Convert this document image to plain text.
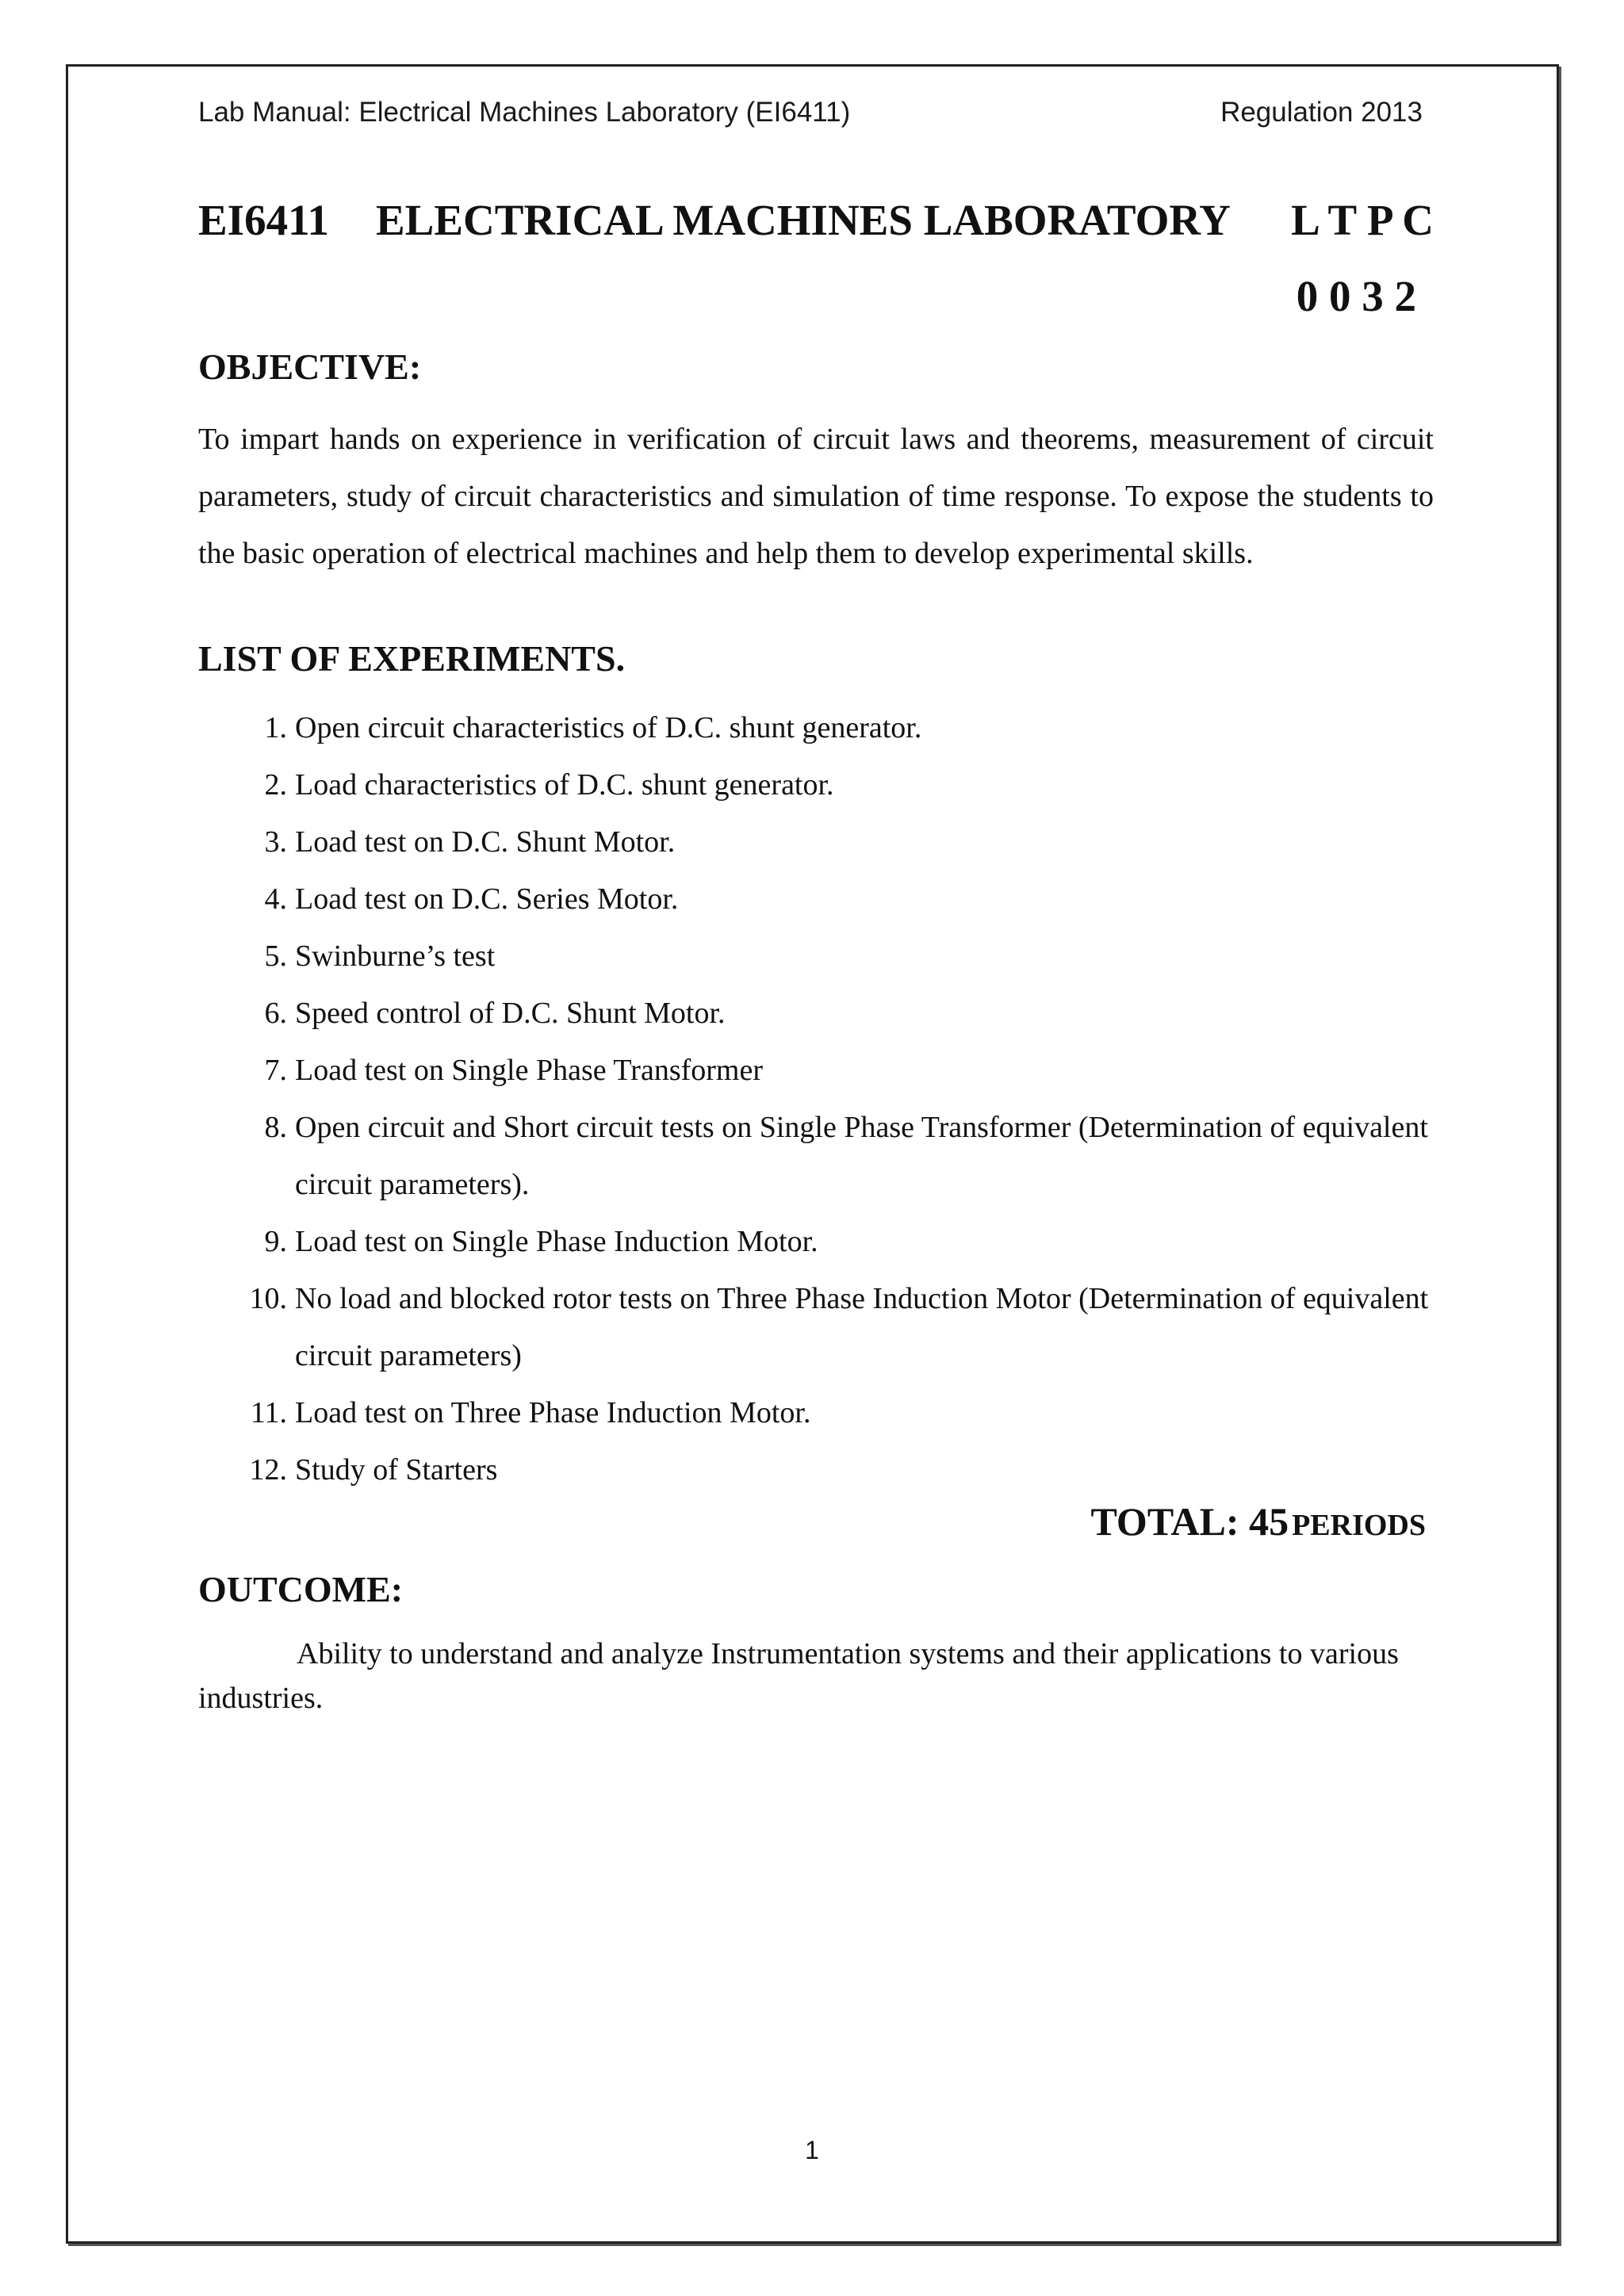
Lab Manual: Electrical Machines Laboratory (EI6411)	Regulation 2013
EI6411 ELECTRICAL MACHINES LABORATORY L T P C
0 0 3 2
OBJECTIVE:
To impart hands on experience in verification of circuit laws and theorems, measurement of circuit parameters, study of circuit characteristics and simulation of time response. To expose the students to the basic operation of electrical machines and help them to develop experimental skills.
LIST OF EXPERIMENTS.
1. Open circuit characteristics of D.C. shunt generator.
2. Load characteristics of D.C. shunt generator.
3. Load test on D.C. Shunt Motor.
4. Load test on D.C. Series Motor.
5. Swinburne’s test
6. Speed control of D.C. Shunt Motor.
7. Load test on Single Phase Transformer
8. Open circuit and Short circuit tests on Single Phase Transformer (Determination of equivalent circuit parameters).
9. Load test on Single Phase Induction Motor.
10. No load and blocked rotor tests on Three Phase Induction Motor (Determination of equivalent circuit parameters)
11. Load test on Three Phase Induction Motor.
12. Study of Starters
TOTAL: 45 PERIODS
OUTCOME:
Ability to understand and analyze Instrumentation systems and their applications to various industries.
1
